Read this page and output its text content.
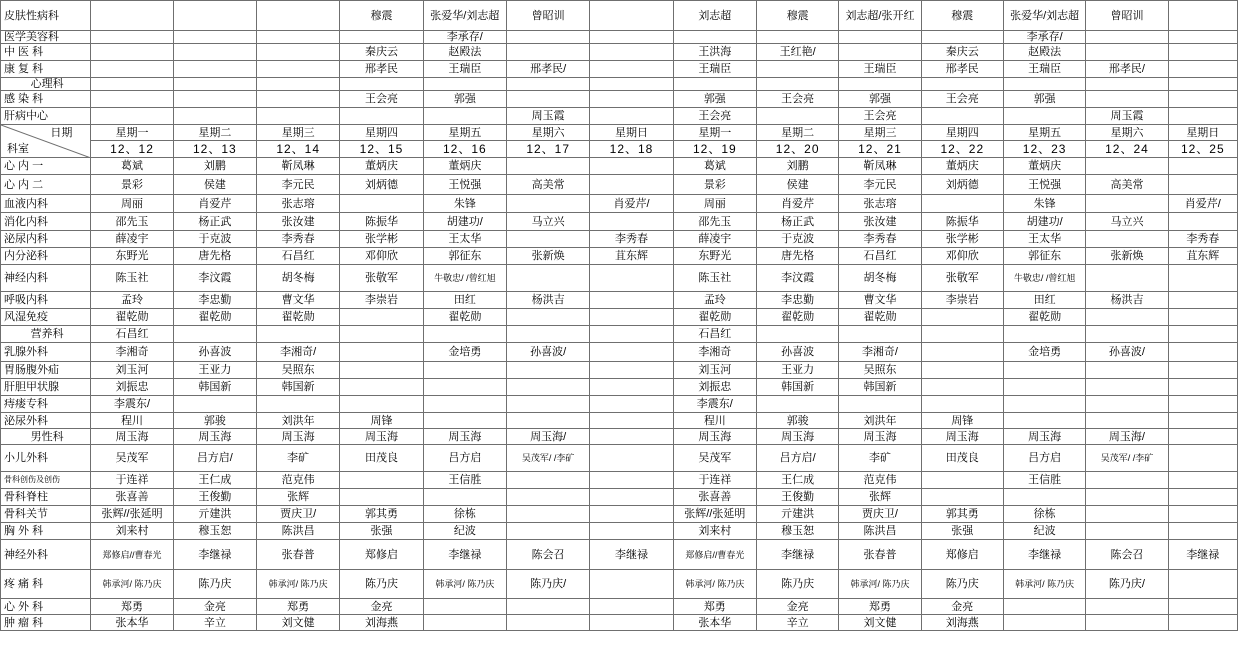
皮肤性病科				穆震	张爱华/刘志超	曾昭训		刘志超	穆震	刘志超/张开红	穆震	张爱华/刘志超	曾昭训	
医学美容科					李承存/							李承存/		
中 医 科				秦庆云	赵殿法			王洪海	王红艳/		秦庆云	赵殿法		
康 复 科				邢孝民	王瑞臣	邢孝民/		王瑞臣		王瑞臣	邢孝民	王瑞臣	邢孝民/	
心理科														
感 染 科				王会亮	郭强			郭强	王会亮	郭强	王会亮	郭强		
肝病中心						周玉霞		王会亮		王会亮			周玉霞	

日期
科室	星期一	星期二	星期三	星期四	星期五	星期六	星期日	星期一	星期二	星期三	星期四	星期五	星期六	星期日
	12、12	12、13	12、14	12、15	12、16	12、17	12、18	12、19	12、20	12、21	12、22	12、23	12、24	12、25
心 内 一	葛斌	刘鹏	靳凤琳	董炳庆	董炳庆			葛斌	刘鹏	靳凤琳	董炳庆	董炳庆		
心 内 二	景彩	侯建	李元民	刘炳德	王悦强	高美常		景彩	侯建	李元民	刘炳德	王悦强	高美常	
血液内科	周丽	肖爱芹	张志瑢		朱锋		肖爱芹/	周丽	肖爱芹	张志瑢		朱锋		肖爱芹/
消化内科	邵先玉	杨正武	张汝建	陈振华	胡建功/	马立兴		邵先玉	杨正武	张汝建	陈振华	胡建功/	马立兴	
泌尿内科	薛凌宇	于克波	李秀春	张学彬	王太华		李秀春	薛凌宇	于克波	李秀春	张学彬	王太华		李秀春
内分泌科	东野光	唐先格	石昌红	邓仰欣	郭征东	张新焕	苴东辉	东野光	唐先格	石昌红	邓仰欣	郭征东	张新焕	苴东辉
神经内科	陈玉社	李汶霞	胡冬梅	张敬军	牛敬忠/ /曾红旭			陈玉社	李汶霞	胡冬梅	张敬军	牛敬忠/ /曾红旭		
呼吸内科	孟玲	李忠勤	曹文华	李崇岩	田红	杨洪吉		孟玲	李忠勤	曹文华	李崇岩	田红	杨洪吉	
风湿免疫	翟乾勋	翟乾勋	翟乾勋		翟乾勋			翟乾勋	翟乾勋	翟乾勋		翟乾勋		
营养科	石昌红							石昌红						
乳腺外科	李湘奇	孙喜波	李湘奇/		金培勇	孙喜波/		李湘奇	孙喜波	李湘奇/		金培勇	孙喜波/	
胃肠腹外疝	刘玉河	王亚力	吴照东					刘玉河	王亚力	吴照东				
肝胆甲状腺	刘振忠	韩国新	韩国新					刘振忠	韩国新	韩国新				
痔瘘专科	李震东/							李震东/						
泌尿外科	程川	郭骏	刘洪年	周锋				程川	郭骏	刘洪年	周锋			
男性科	周玉海	周玉海	周玉海	周玉海	周玉海	周玉海/		周玉海	周玉海	周玉海	周玉海	周玉海	周玉海/	
小儿外科	吴茂军	吕方启/	李矿	田茂良	吕方启	吴茂军/ /李矿		吴茂军	吕方启/	李矿	田茂良	吕方启	吴茂军/ /李矿	
骨科创伤及创伤	于连祥	王仁成	范克伟		王信胜			于连祥	王仁成	范克伟		王信胜		
骨科脊柱	张喜善	王俊勤	张辉					张喜善	王俊勤	张辉				
骨科关节	张辉//张延明	亓建洪	贾庆卫/	郭其勇	徐栋			张辉//张延明	亓建洪	贾庆卫/	郭其勇	徐栋		
胸 外 科	刘来村	穆玉恕	陈洪昌	张强	纪波			刘来村	穆玉恕	陈洪昌	张强	纪波		
神经外科	郑修启//曹春光	李继禄	张春普	郑修启	李继禄	陈会召	李继禄	郑修启//曹春光	李继禄	张春普	郑修启	李继禄	陈会召	李继禄
疼 痛 科	韩承河/ 陈乃庆	陈乃庆	韩承河/ 陈乃庆	陈乃庆	韩承河/ 陈乃庆	陈乃庆/		韩承河/ 陈乃庆	陈乃庆	韩承河/ 陈乃庆	陈乃庆	韩承河/ 陈乃庆	陈乃庆/	
心 外 科	郑勇	金亮	郑勇	金亮				郑勇	金亮	郑勇	金亮			
肿 瘤 科	张本华	辛立	刘文健	刘海燕				张本华	辛立	刘文健	刘海燕			
